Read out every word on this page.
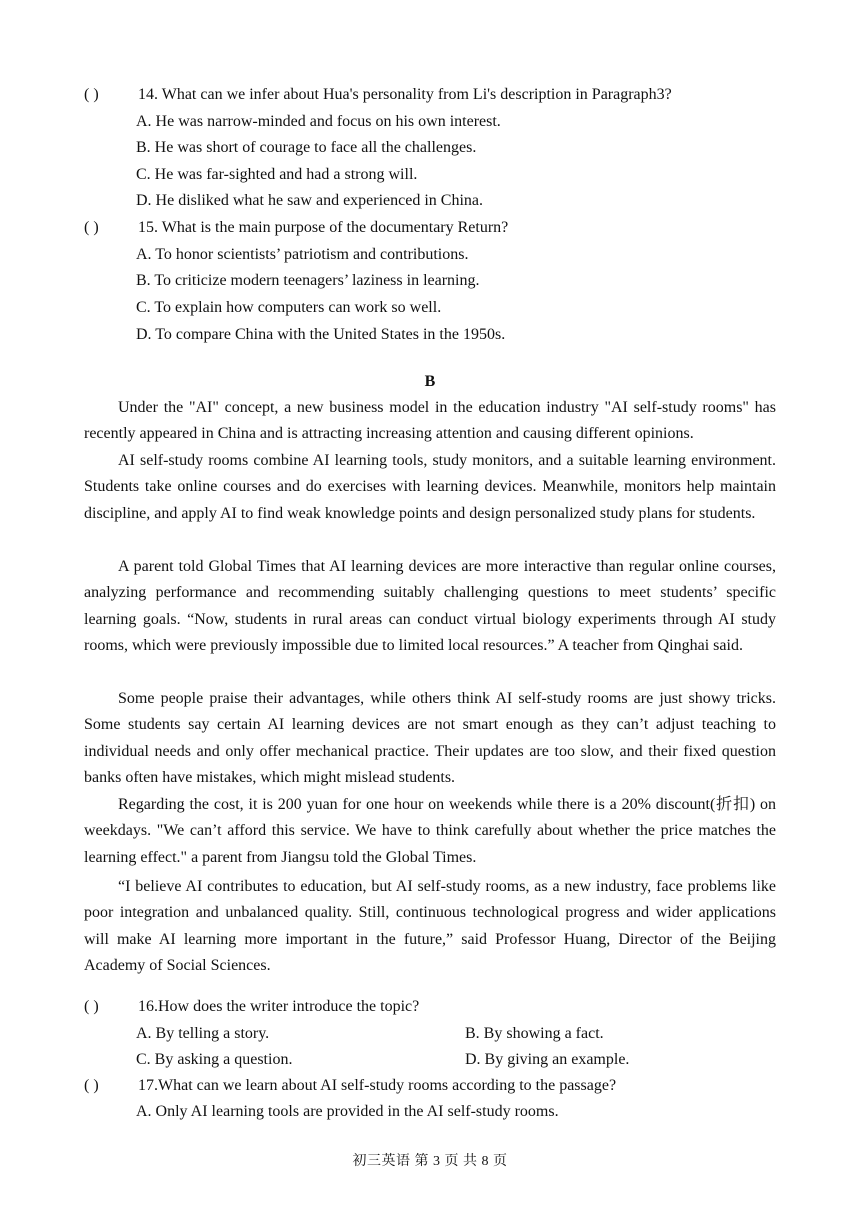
( ) 14. What can we infer about Hua's personality from Li's description in Paragraph3?
A. He was narrow-minded and focus on his own interest.
B. He was short of courage to face all the challenges.
C. He was far-sighted and had a strong will.
D. He disliked what he saw and experienced in China.
( ) 15. What is the main purpose of the documentary Return?
A. To honor scientists’ patriotism and contributions.
B. To criticize modern teenagers’ laziness in learning.
C. To explain how computers can work so well.
D. To compare China with the United States in the 1950s.
B

Under the "AI" concept, a new business model in the education industry "AI self-study rooms" has recently appeared in China and is attracting increasing attention and causing different opinions.

AI self-study rooms combine AI learning tools, study monitors, and a suitable learning environment. Students take online courses and do exercises with learning devices. Meanwhile, monitors help maintain discipline, and apply AI to find weak knowledge points and design personalized study plans for students.

A parent told Global Times that AI learning devices are more interactive than regular online courses, analyzing performance and recommending suitably challenging questions to meet students’ specific learning goals. “Now, students in rural areas can conduct virtual biology experiments through AI study rooms, which were previously impossible due to limited local resources.” A teacher from Qinghai said.

Some people praise their advantages, while others think AI self-study rooms are just showy tricks. Some students say certain AI learning devices are not smart enough as they can’t adjust teaching to individual needs and only offer mechanical practice. Their updates are too slow, and their fixed question banks often have mistakes, which might mislead students.

Regarding the cost, it is 200 yuan for one hour on weekends while there is a 20% discount(折扣) on weekdays. "We can’t afford this service. We have to think carefully about whether the price matches the learning effect." a parent from Jiangsu told the Global Times.

“I believe AI contributes to education, but AI self-study rooms, as a new industry, face problems like poor integration and unbalanced quality. Still, continuous technological progress and wider applications will make AI learning more important in the future,” said Professor Huang, Director of the Beijing Academy of Social Sciences.

( ) 16.How does the writer introduce the topic?
A. By telling a story.	B. By showing a fact.
C. By asking a question.	D. By giving an example.
( ) 17.What can we learn about AI self-study rooms according to the passage?
A. Only AI learning tools are provided in the AI self-study rooms.
初三英语 第 3 页 共 8 页
